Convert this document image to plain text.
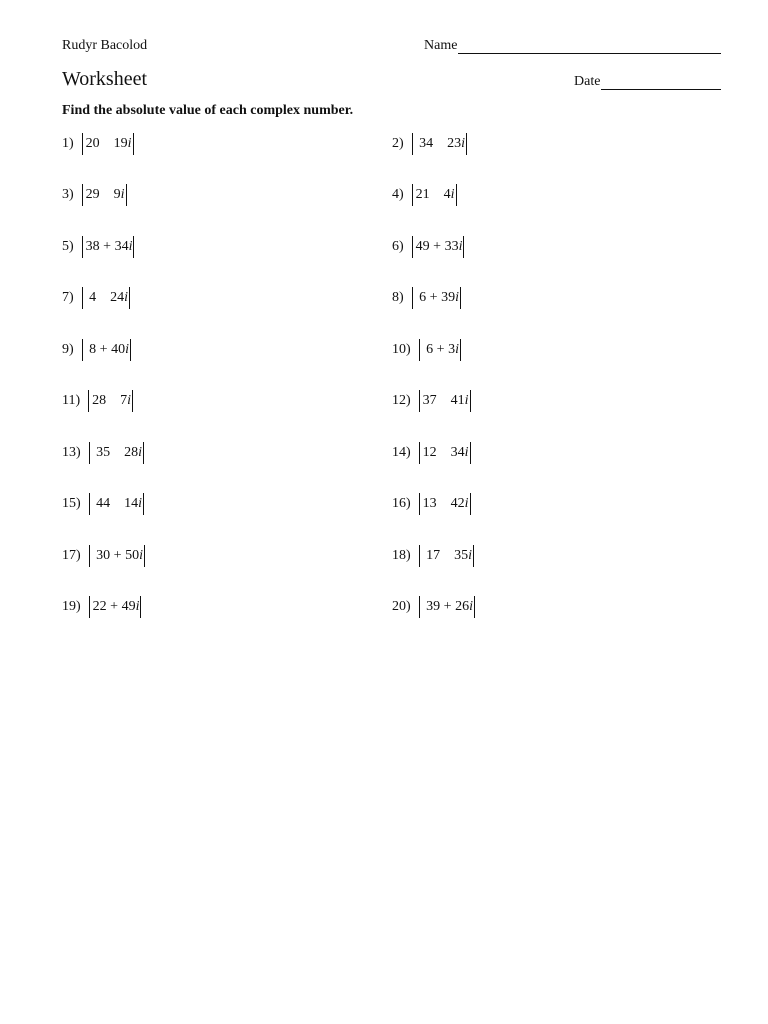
Rudyr Bacolod	Name
Worksheet	Date
Find the absolute value of each complex number.
1) 20    19 i	2) 34    23 i
3) 29    9 i	4) 21    4 i
5) 38 + 34 i	6) 49 + 33 i
7) 4    24 i	8) 6 + 39 i
9) 8 + 40 i	10) 6 + 3 i
11) 28    7 i	12) 37    41 i
13) 35    28 i	14) 12    34 i
15) 44    14 i	16) 13    42 i
17) 30 + 50 i	18) 17    35 i
19) 22 + 49 i	20) 39 + 26 i
